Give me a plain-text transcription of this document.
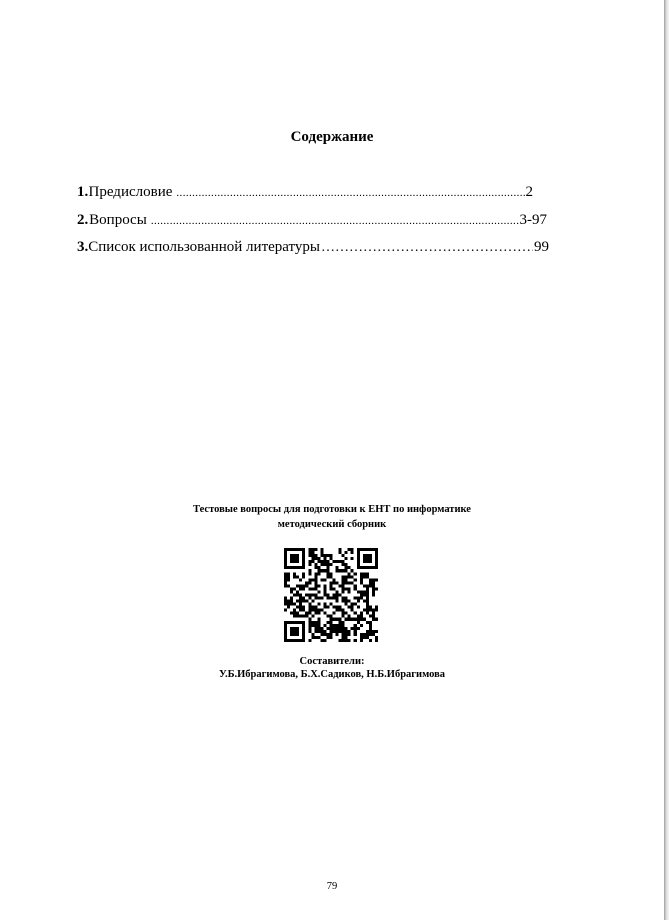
Содержание
1. Предисловие .....	2
2. Вопросы .....	3-97
3. Список использованной литературы ………………………………………………………………………………………………………………………………	99
Тестовые вопросы для подготовки к ЕНТ по информатике
методический сборник
Составители:
У.Б.Ибрагимова, Б.Х.Садиков, Н.Б.Ибрагимова
79
